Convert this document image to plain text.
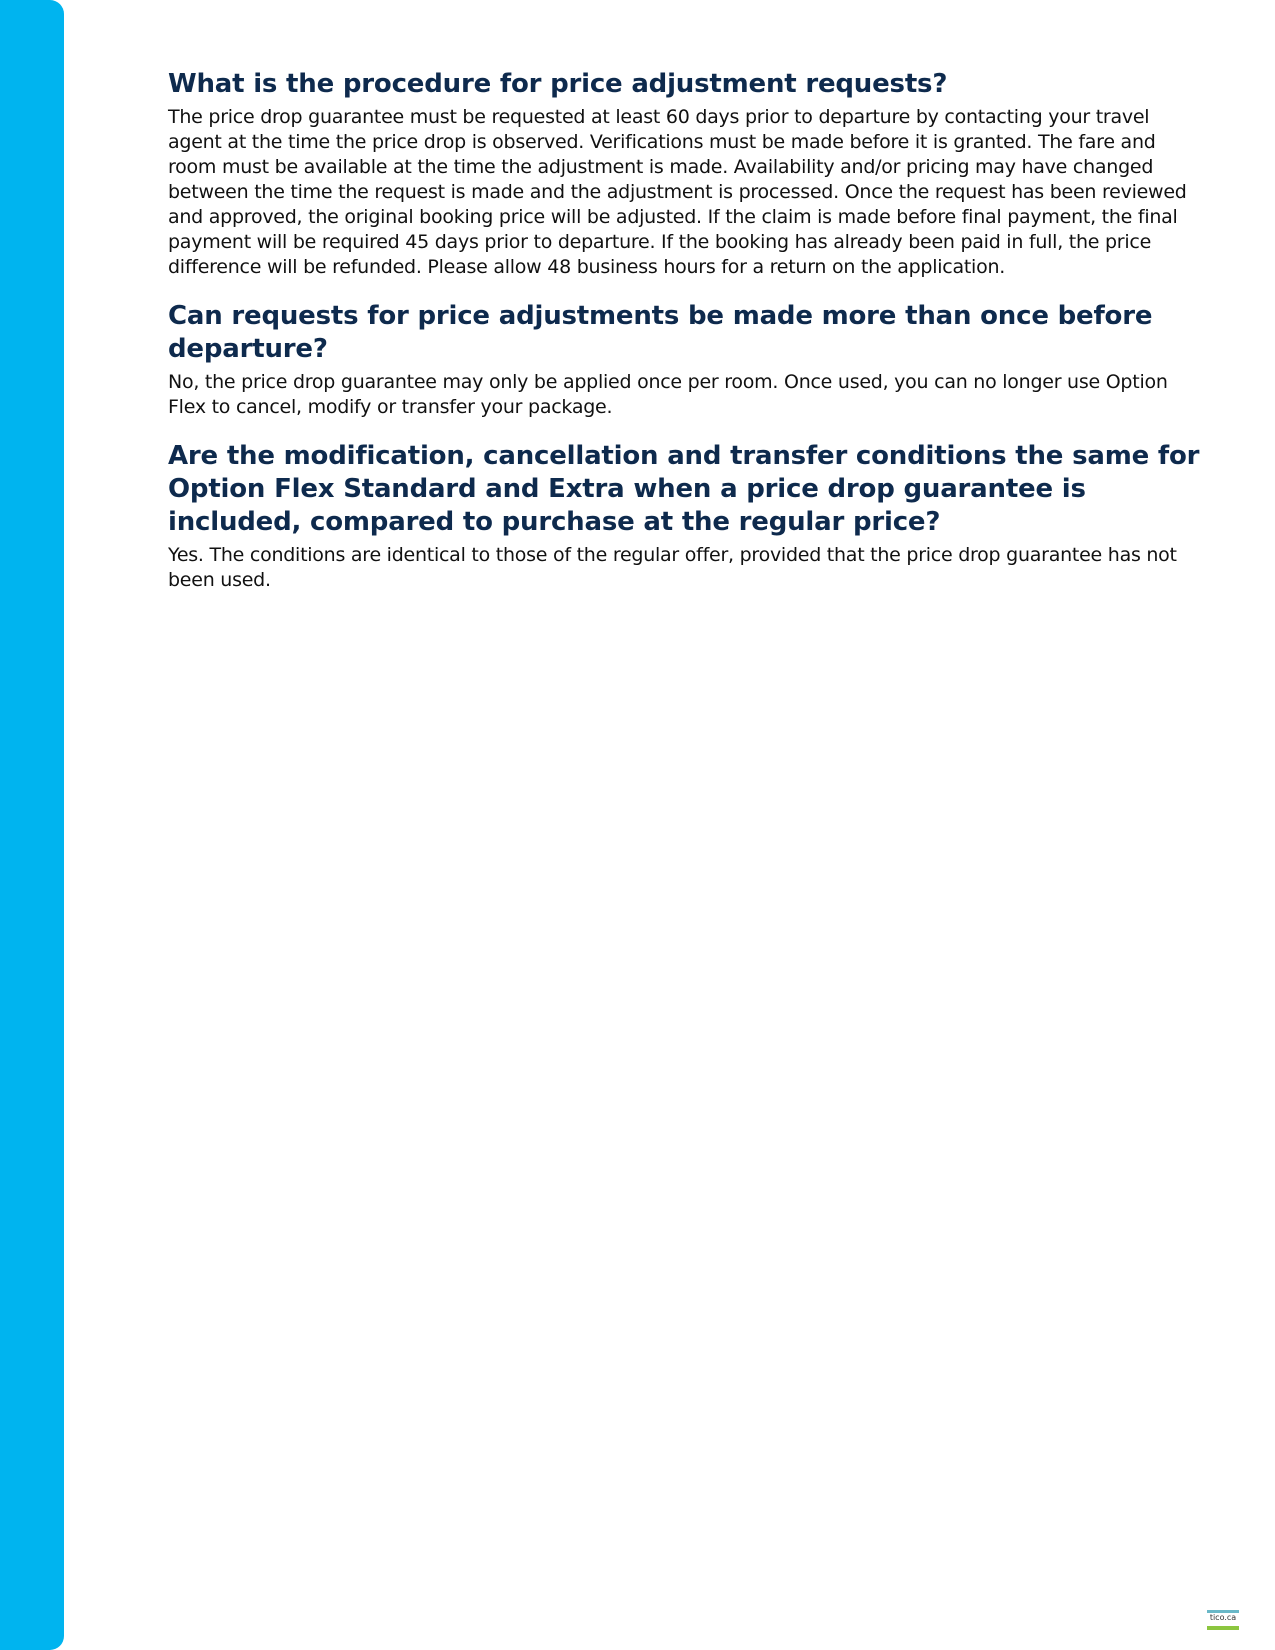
What is the procedure for price adjustment requests?

The price drop guarantee must be requested at least 60 days prior to departure by contacting your travel agent at the time the price drop is observed. Verifications must be made before it is granted. The fare and room must be available at the time the adjustment is made. Availability and/or pricing may have changed between the time the request is made and the adjustment is processed. Once the request has been reviewed and approved, the original booking price will be adjusted. If the claim is made before final payment, the final payment will be required 45 days prior to departure. If the booking has already been paid in full, the price difference will be refunded. Please allow 48 business hours for a return on the application.

Can requests for price adjustments be made more than once before departure?

No, the price drop guarantee may only be applied once per room. Once used, you can no longer use Option Flex to cancel, modify or transfer your package.

Are the modification, cancellation and transfer conditions the same for Option Flex Standard and Extra when a price drop guarantee is included, compared to purchase at the regular price?

Yes. The conditions are identical to those of the regular offer, provided that the price drop guarantee has not been used.

tico.ca
